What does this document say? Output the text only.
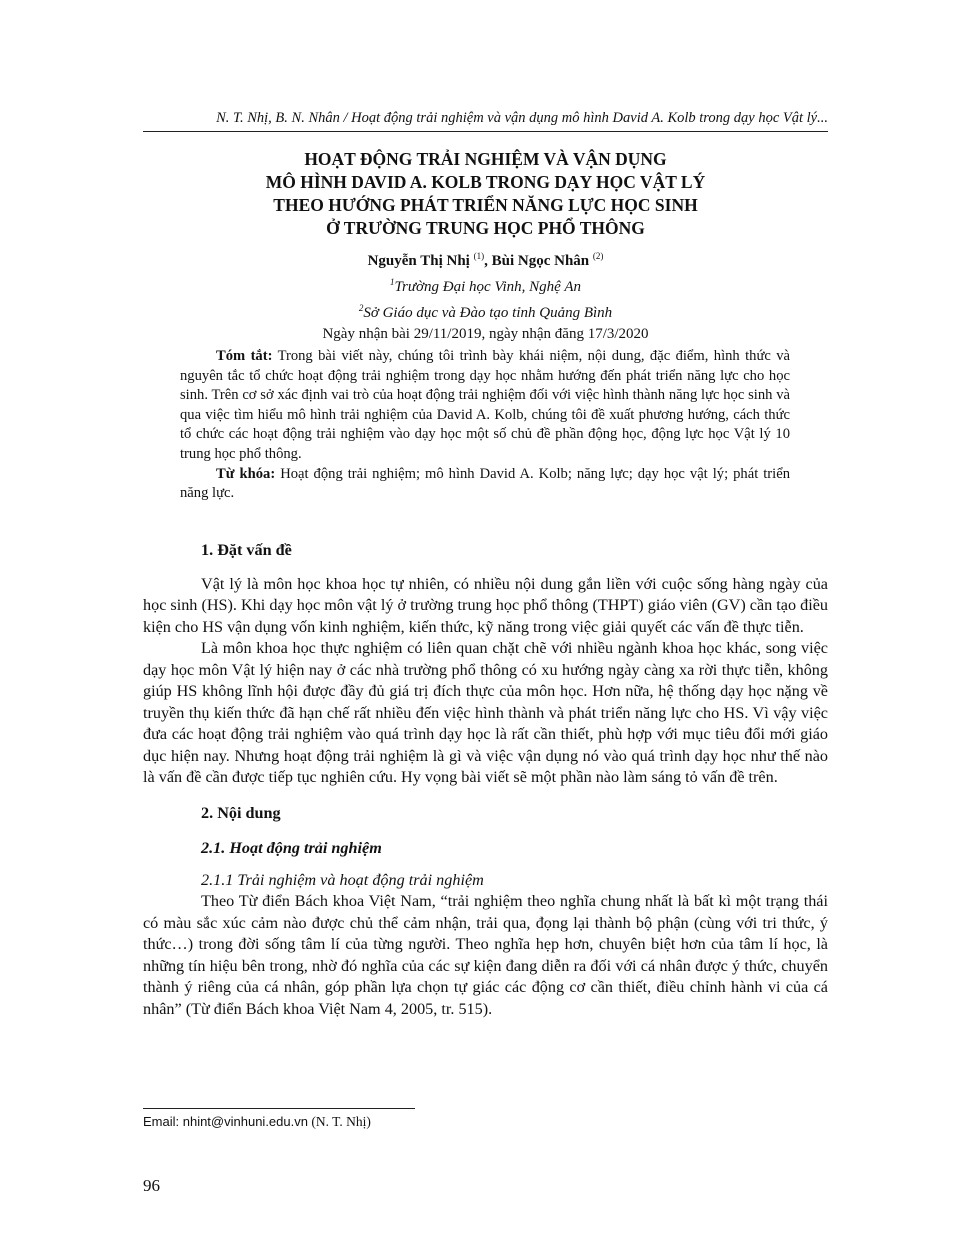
N. T. Nhị, B. N. Nhân / Hoạt động trải nghiệm và vận dụng mô hình David A. Kolb trong dạy học Vật lý...
HOẠT ĐỘNG TRẢI NGHIỆM VÀ VẬN DỤNG
MÔ HÌNH DAVID A. KOLB TRONG DẠY HỌC VẬT LÝ
THEO HƯỚNG PHÁT TRIỂN NĂNG LỰC HỌC SINH
Ở TRƯỜNG TRUNG HỌC PHỔ THÔNG
Nguyễn Thị Nhị $^{(1)}$, Bùi Ngọc Nhân $^{(2)}$
$^1$Trường Đại học Vinh, Nghệ An
$^2$Sở Giáo dục và Đào tạo tỉnh Quảng Bình
Ngày nhận bài 29/11/2019, ngày nhận đăng 17/3/2020

Tóm tắt: Trong bài viết này, chúng tôi trình bày khái niệm, nội dung, đặc điểm, hình thức và nguyên tắc tổ chức hoạt động trải nghiệm trong dạy học nhằm hướng đến phát triển năng lực cho học sinh. Trên cơ sở xác định vai trò của hoạt động trải nghiệm đối với việc hình thành năng lực học sinh và qua việc tìm hiểu mô hình trải nghiệm của David A. Kolb, chúng tôi đề xuất phương hướng, cách thức tổ chức các hoạt động trải nghiệm vào dạy học một số chủ đề phần động học, động lực học Vật lý 10 trung học phổ thông.

Từ khóa: Hoạt động trải nghiệm; mô hình David A. Kolb; năng lực; dạy học vật lý; phát triển năng lực.

1. Đặt vấn đề

Vật lý là môn học khoa học tự nhiên, có nhiều nội dung gắn liền với cuộc sống hàng ngày của học sinh (HS). Khi dạy học môn vật lý ở trường trung học phổ thông (THPT) giáo viên (GV) cần tạo điều kiện cho HS vận dụng vốn kinh nghiệm, kiến thức, kỹ năng trong việc giải quyết các vấn đề thực tiễn.

Là môn khoa học thực nghiệm có liên quan chặt chẽ với nhiều ngành khoa học khác, song việc dạy học môn Vật lý hiện nay ở các nhà trường phổ thông có xu hướng ngày càng xa rời thực tiễn, không giúp HS không lĩnh hội được đầy đủ giá trị đích thực của môn học. Hơn nữa, hệ thống dạy học nặng về truyền thụ kiến thức đã hạn chế rất nhiều đến việc hình thành và phát triển năng lực cho HS. Vì vậy việc đưa các hoạt động trải nghiệm vào quá trình dạy học là rất cần thiết, phù hợp với mục tiêu đổi mới giáo dục hiện nay. Nhưng hoạt động trải nghiệm là gì và việc vận dụng nó vào quá trình dạy học như thế nào là vấn đề cần được tiếp tục nghiên cứu. Hy vọng bài viết sẽ một phần nào làm sáng tỏ vấn đề trên.

2. Nội dung
2.1. Hoạt động trải nghiệm
2.1.1 Trải nghiệm và hoạt động trải nghiệm

Theo Từ điển Bách khoa Việt Nam, “trải nghiệm theo nghĩa chung nhất là bất kì một trạng thái có màu sắc xúc cảm nào được chủ thể cảm nhận, trải qua, đọng lại thành bộ phận (cùng với tri thức, ý thức…) trong đời sống tâm lí của từng người. Theo nghĩa hẹp hơn, chuyên biệt hơn của tâm lí học, là những tín hiệu bên trong, nhờ đó nghĩa của các sự kiện đang diễn ra đối với cá nhân được ý thức, chuyển thành ý riêng của cá nhân, góp phần lựa chọn tự giác các động cơ cần thiết, điều chỉnh hành vi của cá nhân” (Từ điển Bách khoa Việt Nam 4, 2005, tr. 515).

Email: nhint@vinhuni.edu.vn (N. T. Nhị)
96
